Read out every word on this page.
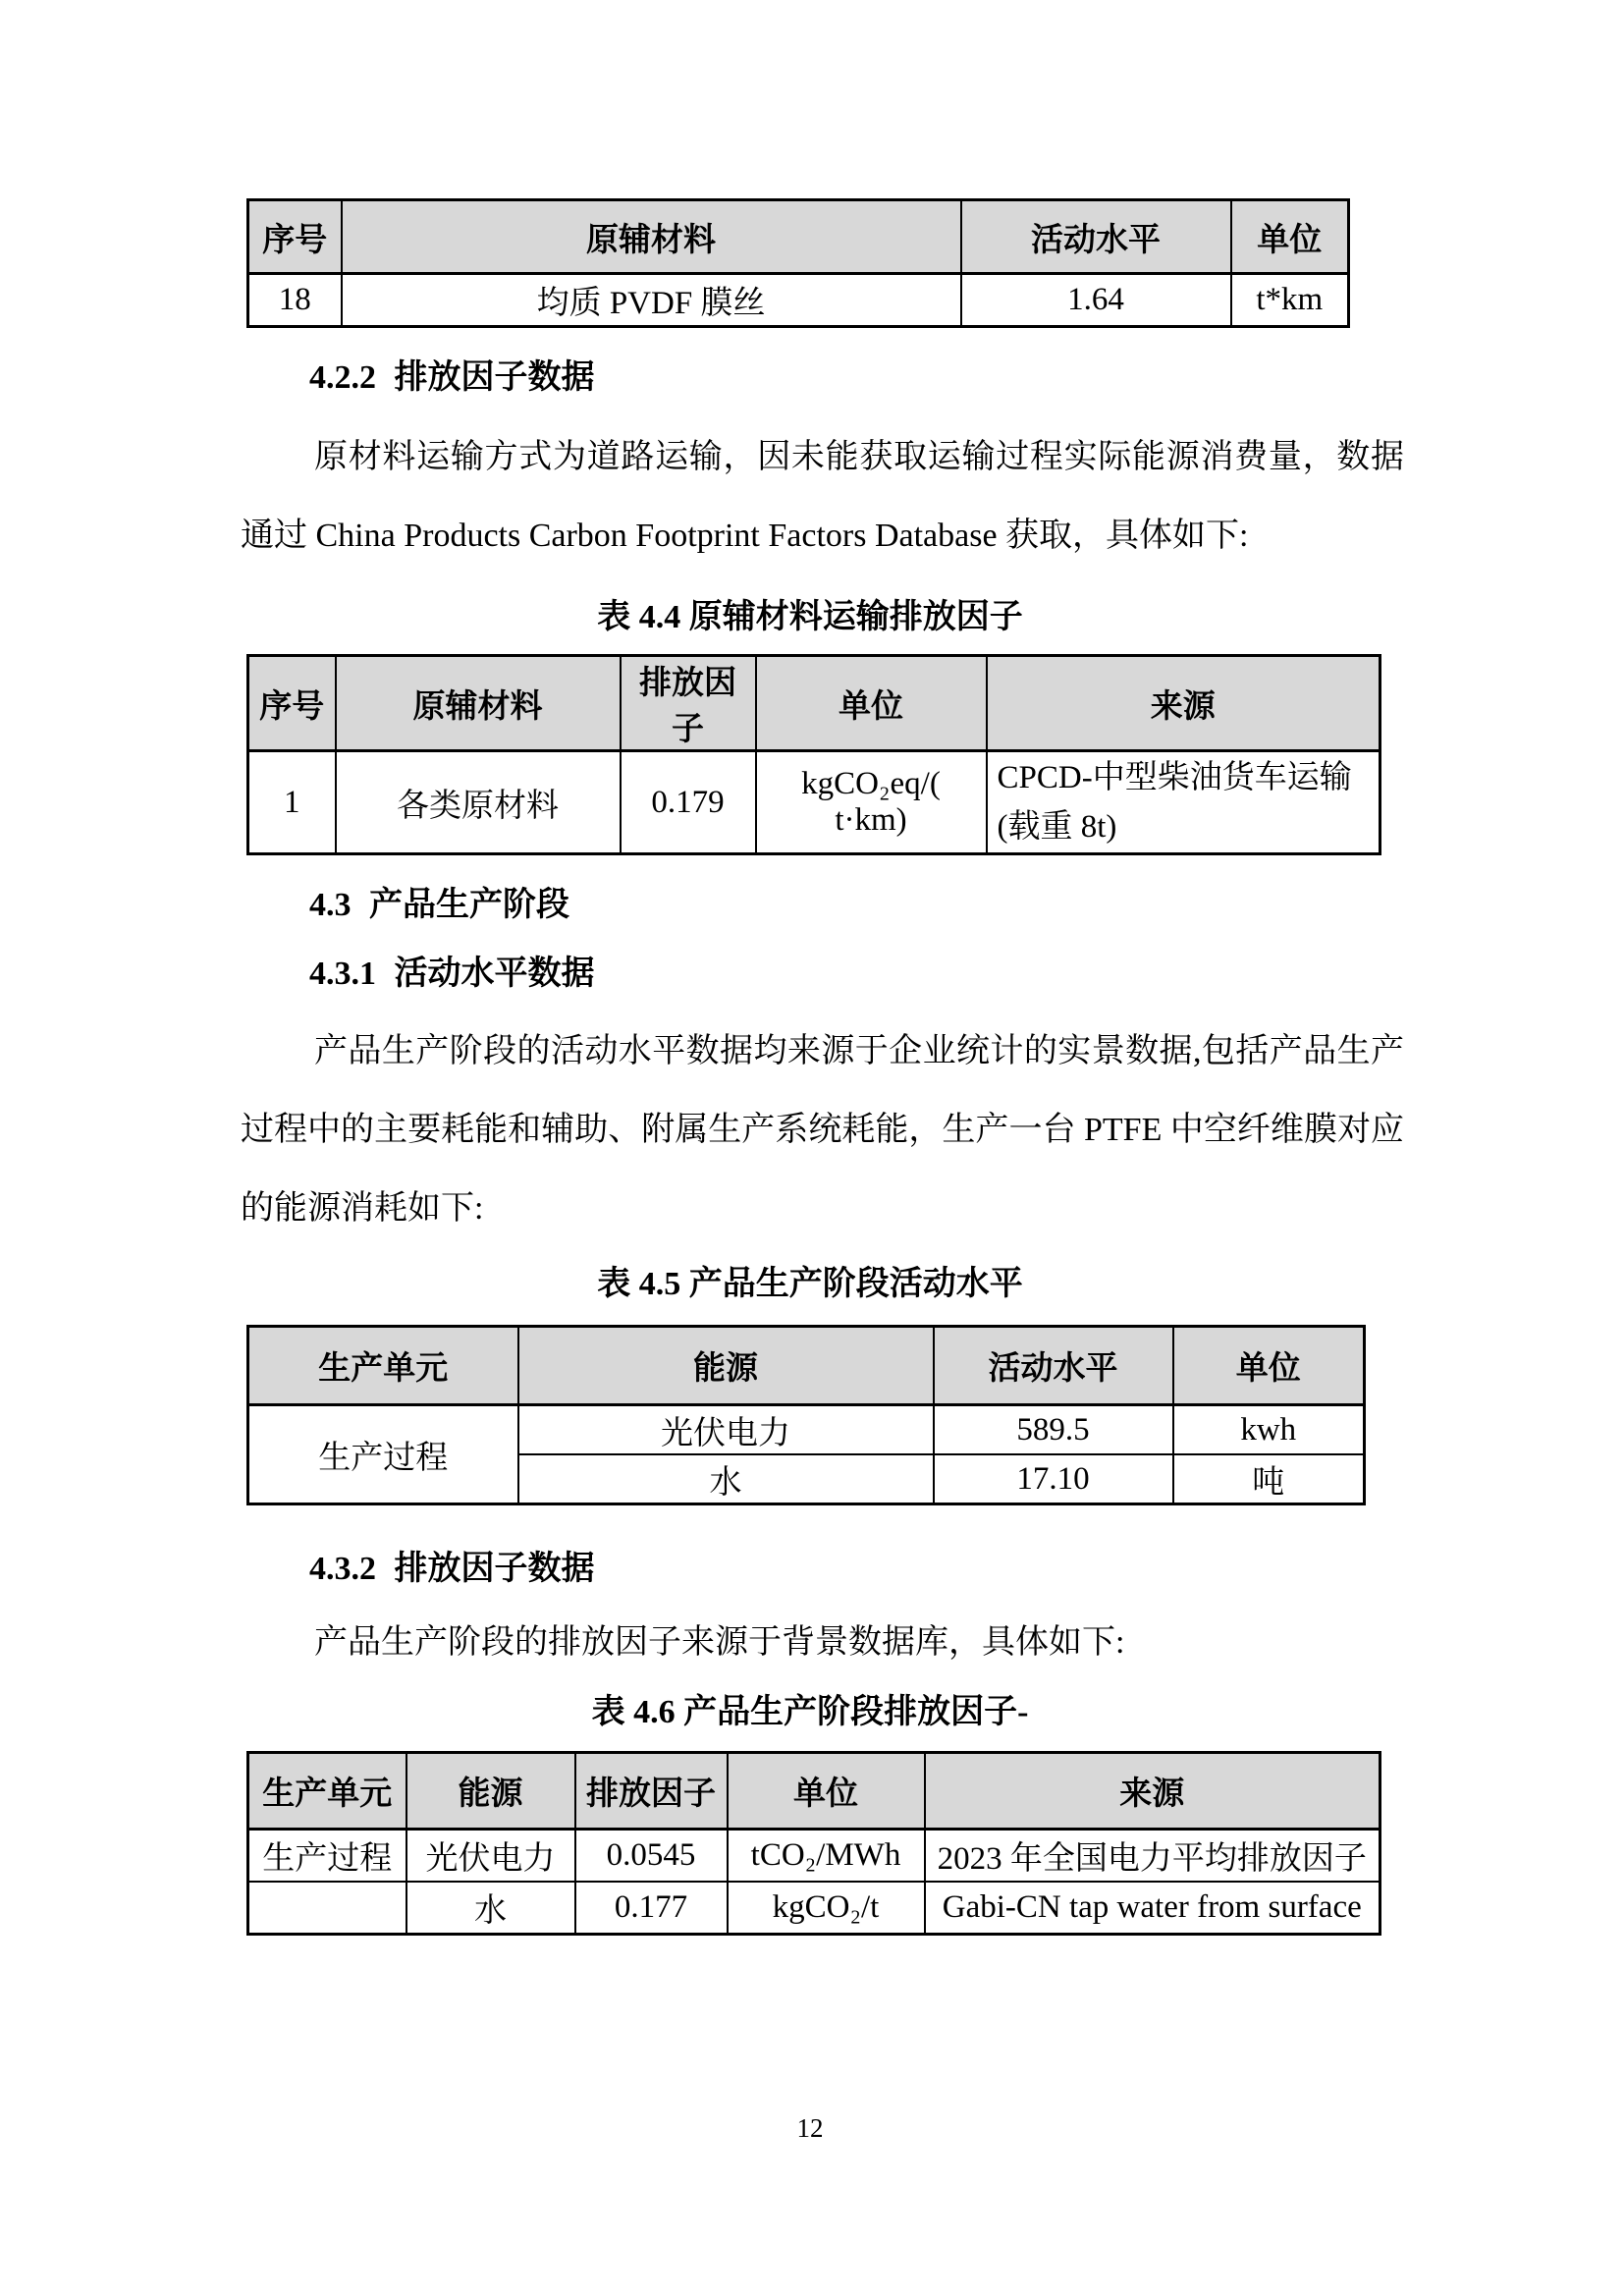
序号	原辅材料	活动水平	单位
18	均质 PVDF 膜丝	1.64	t*km
4.2.2 排放因子数据

原材料运输方式为道路运输，因未能获取运输过程实际能源消费量，数据通过 China Products Carbon Footprint Factors Database 获取，具体如下:

表 4.4 原辅材料运输排放因子
序号	原辅材料	排放因子	单位	来源
1	各类原材料	0.179	kgCO₂eq/( t·km)	CPCD-中型柴油货车运输(载重 8t)
4.3 产品生产阶段
4.3.1 活动水平数据

产品生产阶段的活动水平数据均来源于企业统计的实景数据,包括产品生产过程中的主要耗能和辅助、附属生产系统耗能，生产一台 PTFE 中空纤维膜对应的能源消耗如下:

表 4.5 产品生产阶段活动水平
生产单元	能源	活动水平	单位
生产过程	光伏电力	589.5	kwh
	水	17.10	吨
4.3.2 排放因子数据

产品生产阶段的排放因子来源于背景数据库，具体如下:

表 4.6 产品生产阶段排放因子-
生产单元	能源	排放因子	单位	来源
生产过程	光伏电力	0.0545	tCO₂/MWh	2023 年全国电力平均排放因子
	水	0.177	kgCO₂/t	Gabi-CN tap water from surface
12
